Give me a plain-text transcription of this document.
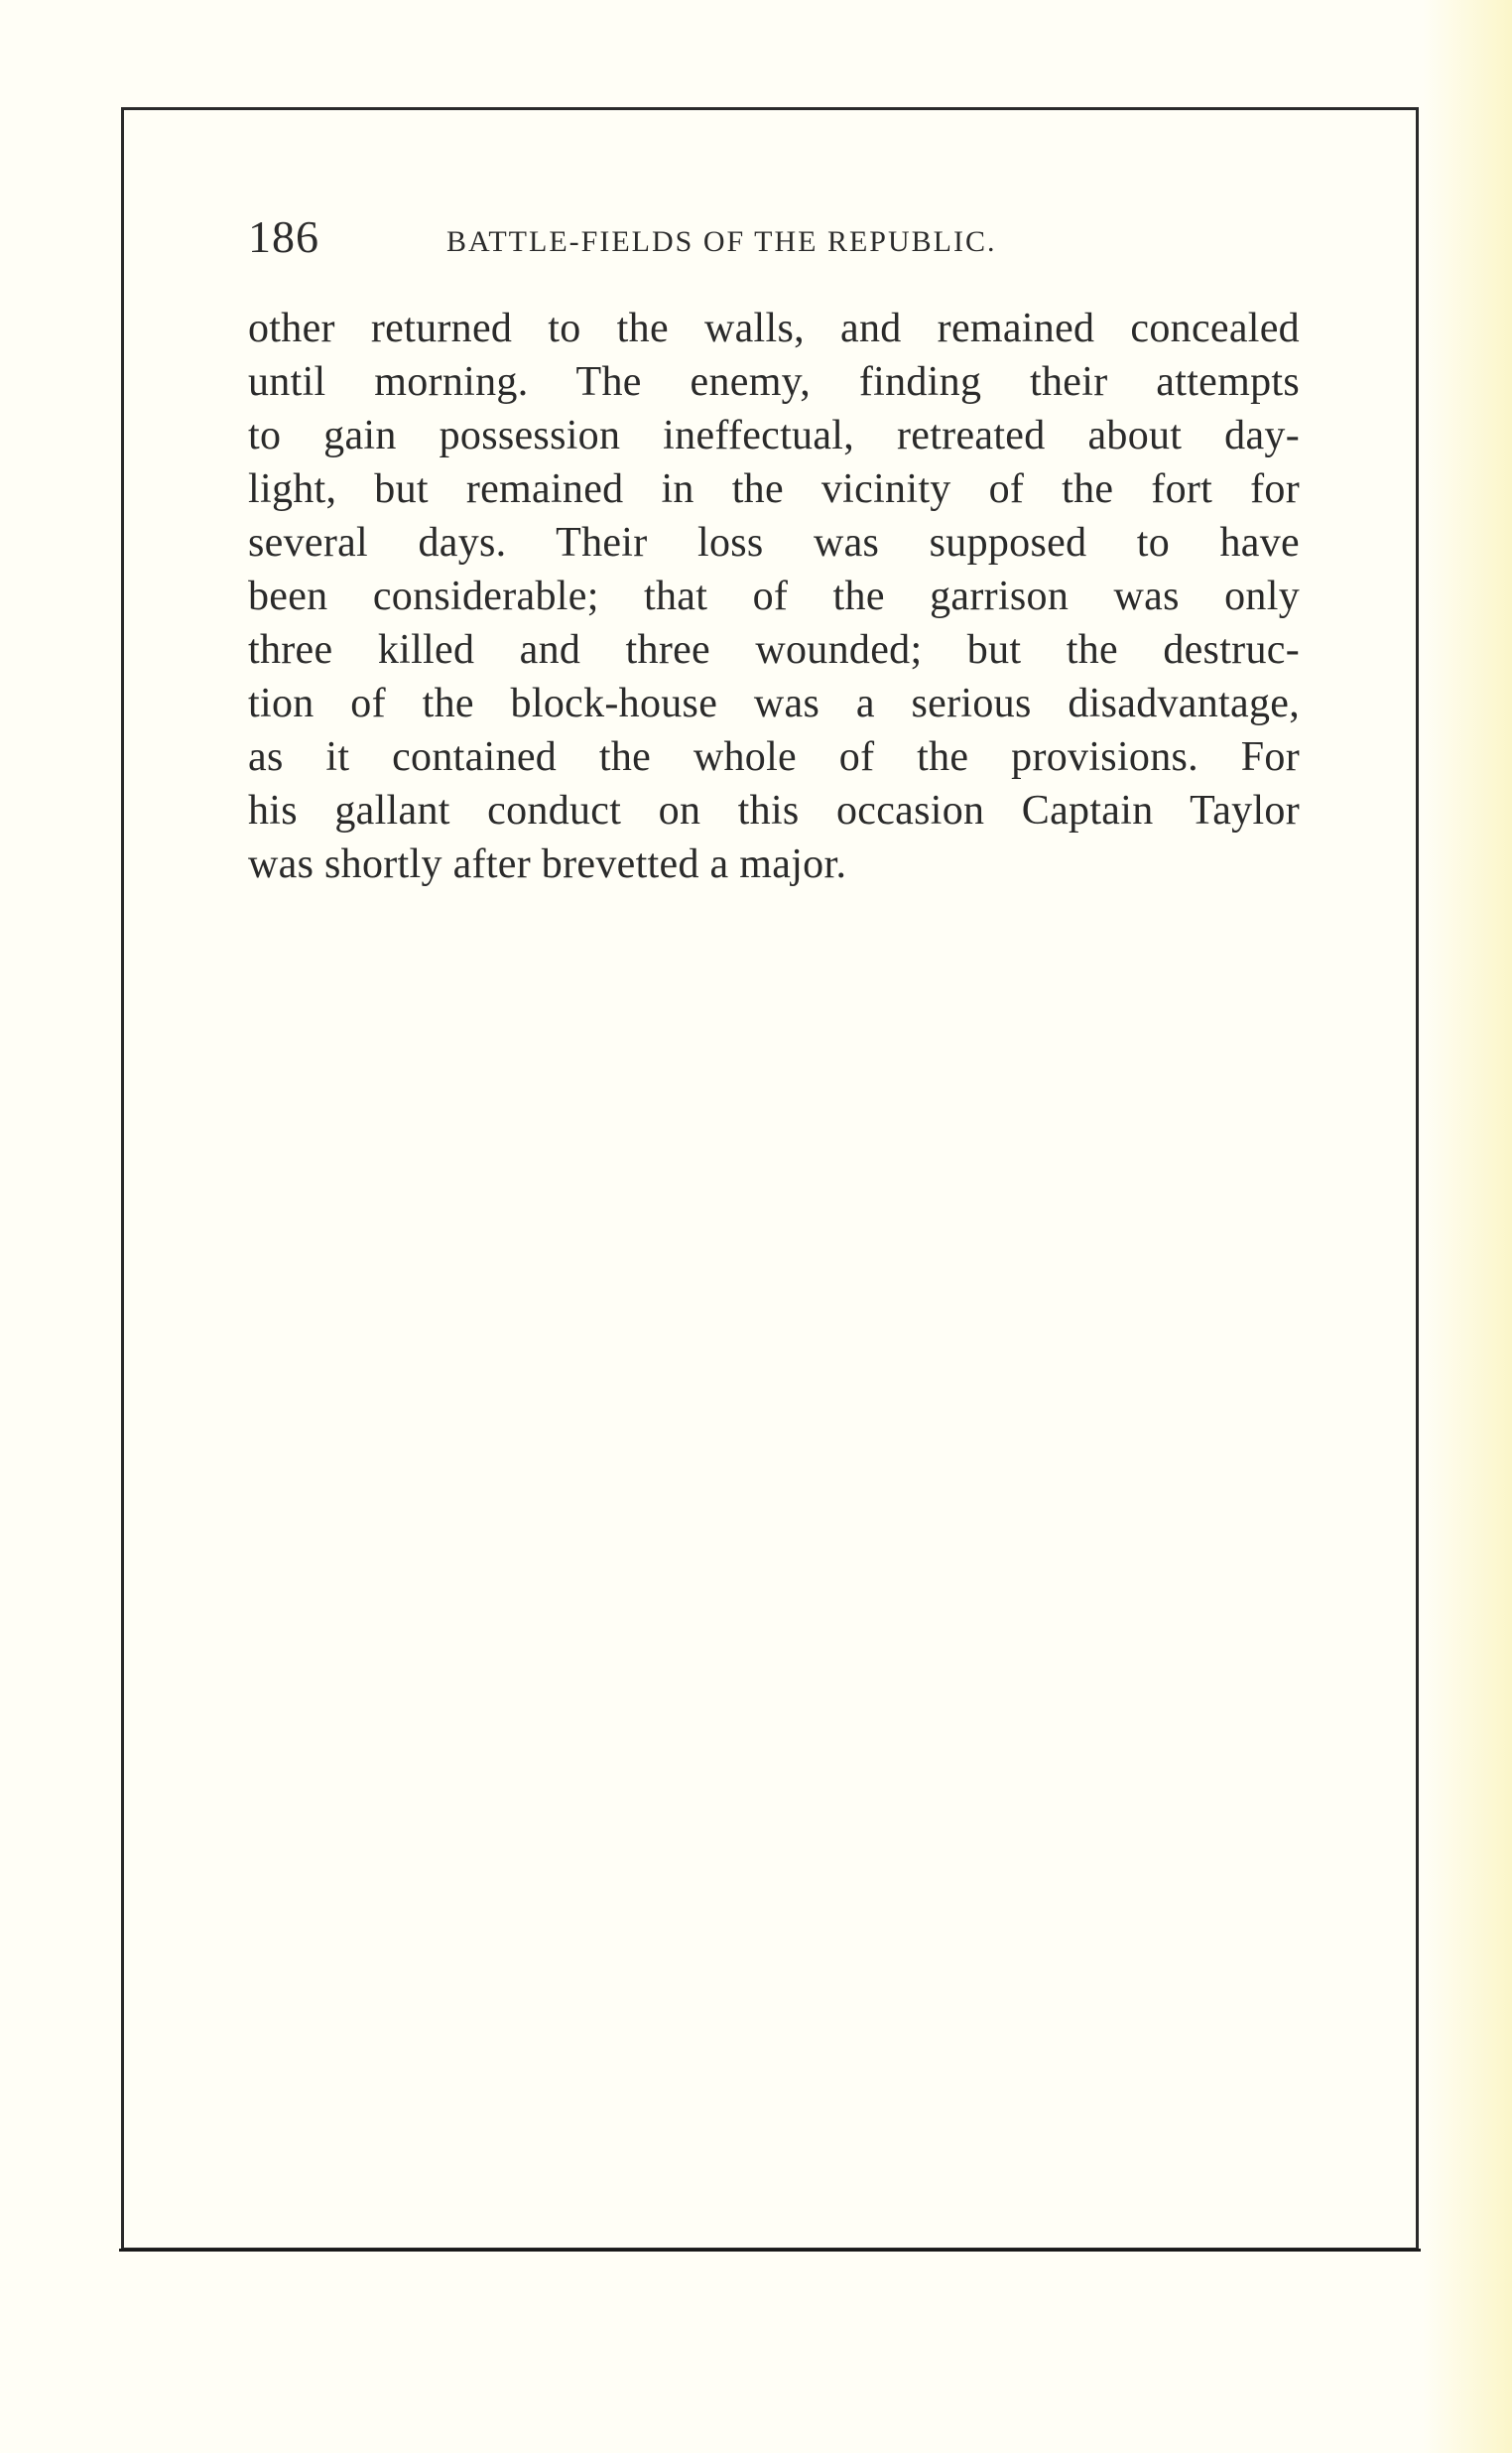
186	BATTLE-FIELDS OF THE REPUBLIC.
other returned to the walls, and remained concealed
until morning. The enemy, finding their attempts
to gain possession ineffectual, retreated about day-
light, but remained in the vicinity of the fort for
several days. Their loss was supposed to have
been considerable; that of the garrison was only
three killed and three wounded; but the destruc-
tion of the block-house was a serious disadvantage,
as it contained the whole of the provisions. For
his gallant conduct on this occasion Captain Taylor
was shortly after brevetted a major.
